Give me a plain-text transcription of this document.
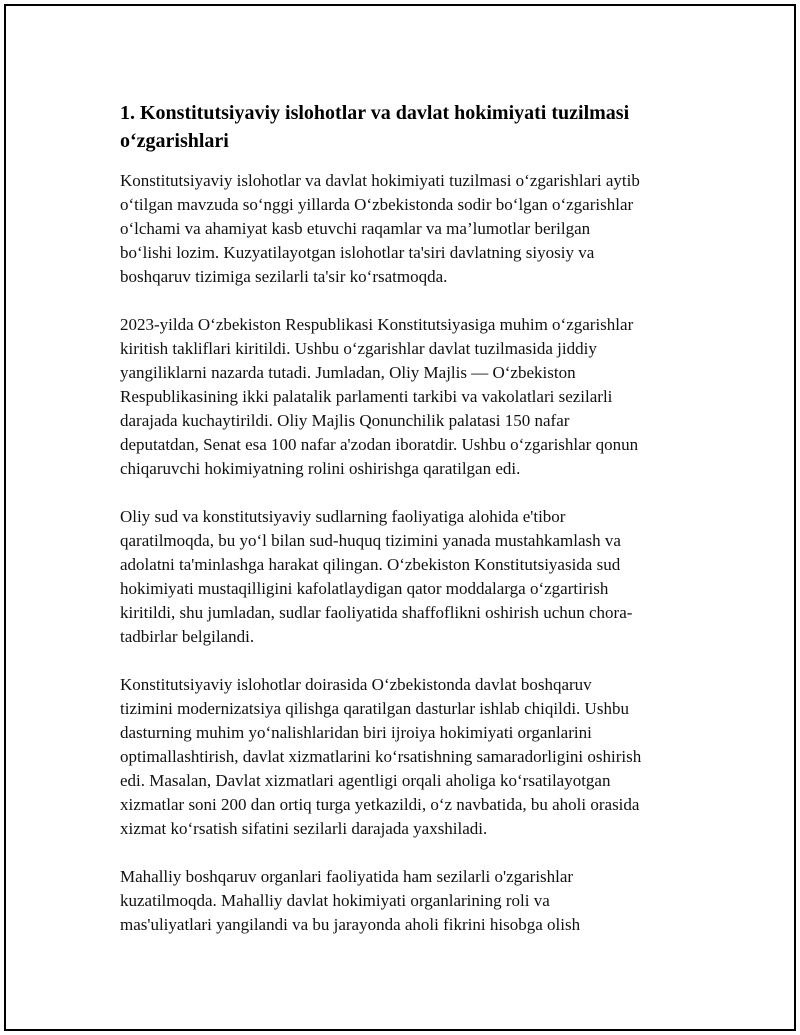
1. Konstitutsiyaviy islohotlar va davlat hokimiyati tuzilmasi
o‘zgarishlari

Konstitutsiyaviy islohotlar va davlat hokimiyati tuzilmasi o‘zgarishlari aytib
o‘tilgan mavzuda so‘nggi yillarda O‘zbekistonda sodir bo‘lgan o‘zgarishlar
o‘lchami va ahamiyat kasb etuvchi raqamlar va ma’lumotlar berilgan
bo‘lishi lozim. Kuzyatilayotgan islohotlar ta'siri davlatning siyosiy va
boshqaruv tizimiga sezilarli ta'sir ko‘rsatmoqda.

2023-yilda O‘zbekiston Respublikasi Konstitutsiyasiga muhim o‘zgarishlar
kiritish takliflari kiritildi. Ushbu o‘zgarishlar davlat tuzilmasida jiddiy
yangiliklarni nazarda tutadi. Jumladan, Oliy Majlis — O‘zbekiston
Respublikasining ikki palatalik parlamenti tarkibi va vakolatlari sezilarli
darajada kuchaytirildi. Oliy Majlis Qonunchilik palatasi 150 nafar
deputatdan, Senat esa 100 nafar a'zodan iboratdir. Ushbu o‘zgarishlar qonun
chiqaruvchi hokimiyatning rolini oshirishga qaratilgan edi.

Oliy sud va konstitutsiyaviy sudlarning faoliyatiga alohida e'tibor
qaratilmoqda, bu yo‘l bilan sud-huquq tizimini yanada mustahkamlash va
adolatni ta'minlashga harakat qilingan. O‘zbekiston Konstitutsiyasida sud
hokimiyati mustaqilligini kafolatlaydigan qator moddalarga o‘zgartirish
kiritildi, shu jumladan, sudlar faoliyatida shaffoflikni oshirish uchun chora-
tadbirlar belgilandi.

Konstitutsiyaviy islohotlar doirasida O‘zbekistonda davlat boshqaruv
tizimini modernizatsiya qilishga qaratilgan dasturlar ishlab chiqildi. Ushbu
dasturning muhim yo‘nalishlaridan biri ijroiya hokimiyati organlarini
optimallashtirish, davlat xizmatlarini ko‘rsatishning samaradorligini oshirish
edi. Masalan, Davlat xizmatlari agentligi orqali aholiga ko‘rsatilayotgan
xizmatlar soni 200 dan ortiq turga yetkazildi, o‘z navbatida, bu aholi orasida
xizmat ko‘rsatish sifatini sezilarli darajada yaxshiladi.

Mahalliy boshqaruv organlari faoliyatida ham sezilarli o'zgarishlar
kuzatilmoqda. Mahalliy davlat hokimiyati organlarining roli va
mas'uliyatlari yangilandi va bu jarayonda aholi fikrini hisobga olish
